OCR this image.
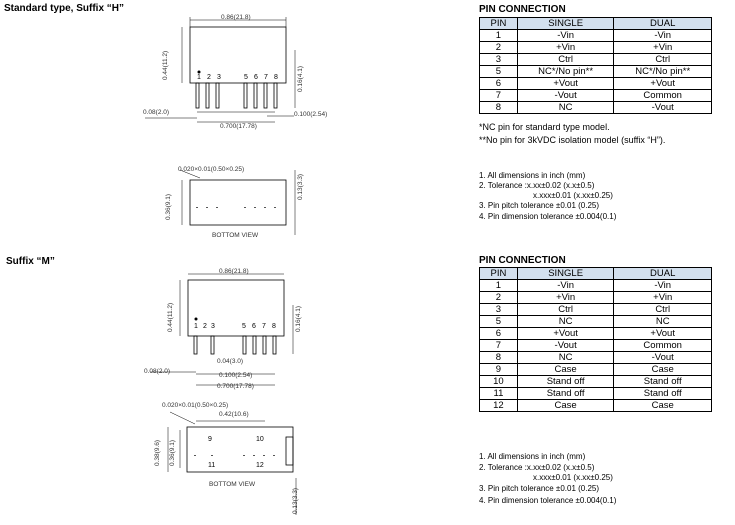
Standard type, Suffix “H”
Suffix “M”
0.86(21.8)
0.44(11.2)	0.16(4.1)
1 2 3	5 6 7 8
0.08(2.0)	0.100(2.54)
0.700(17.78)
0.020×0.01(0.50×0.25)
0.36(9.1)
0.13(3.3)
BOTTOM VIEW
0.86(21.8)
0.44(11.2)	0.16(4.1)
1 2 3	5 6 7 8
0.04(3.0)
0.100(2.54)
0.08(2.0)
0.700(17.78)
0.020×0.01(0.50×0.25)
0.42(10.6)
0.38(9.6) 0.36(9.1)
0.13(3.3)
9	10
11	12
BOTTOM VIEW
PIN CONNECTION
PIN	SINGLE	DUAL
1	-Vin	-Vin
2	+Vin	+Vin
3	Ctrl	Ctrl
5	NC*/No pin**	NC*/No pin**
6	+Vout	+Vout
7	-Vout	Common
8	NC	-Vout
*NC pin for standard type model.
**No pin for 3kVDC isolation model (suffix “H”).
1. All dimensions in inch (mm)
2. Tolerance :x.xx±0.02 (x.x±0.5)
x.xxx±0.01 (x.xx±0.25)
3. Pin pitch tolerance ±0.01 (0.25)
4. Pin dimension tolerance ±0.004(0.1)
PIN CONNECTION
PIN	SINGLE	DUAL
1	-Vin	-Vin
2	+Vin	+Vin
3	Ctrl	Ctrl
5	NC	NC
6	+Vout	+Vout
7	-Vout	Common
8	NC	-Vout
9	Case	Case
10	Stand off	Stand off
11	Stand off	Stand off
12	Case	Case
1. All dimensions in inch (mm)
2. Tolerance :x.xx±0.02 (x.x±0.5)
x.xxx±0.01 (x.xx±0.25)
3. Pin pitch tolerance ±0.01 (0.25)
4. Pin dimension tolerance ±0.004(0.1)
